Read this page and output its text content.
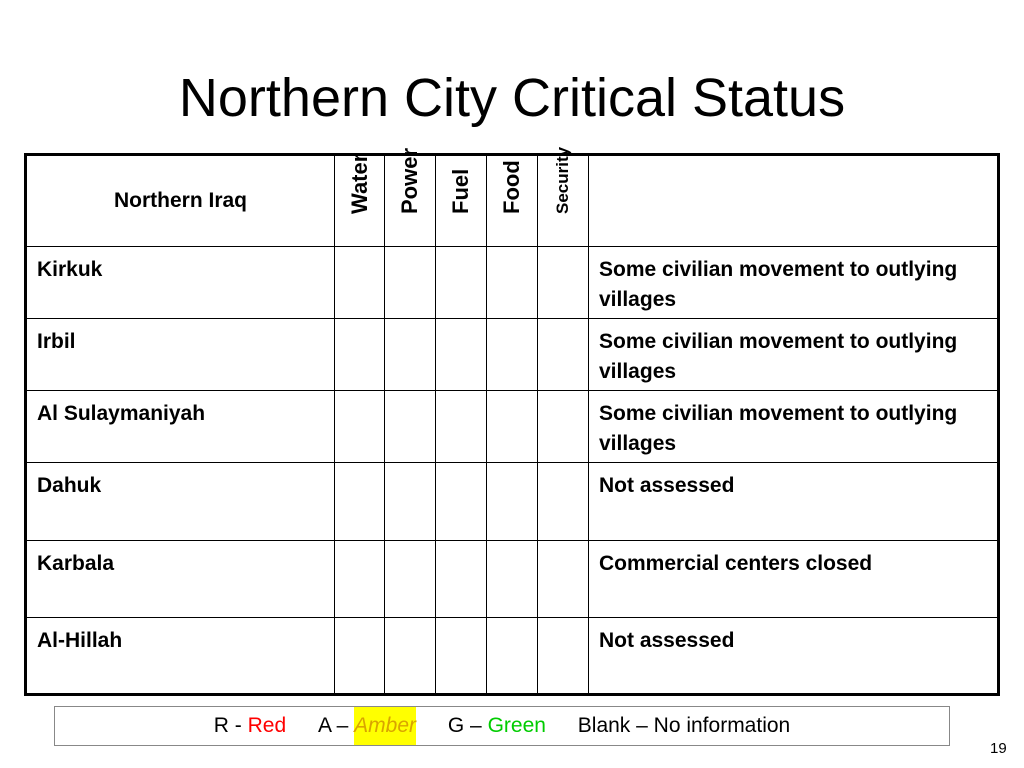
Northern City Critical Status
Northern Iraq	Water	Power	Fuel	Food	Security	

Kirkuk						Some civilian movement to outlying villages
Irbil						Some civilian movement to outlying villages
Al Sulaymaniyah						Some civilian movement to outlying villages
Dahuk						Not assessed
Karbala						Commercial centers closed
Al-Hillah						Not assessed
R - Red A – Amber G – Green Blank – No information
19
